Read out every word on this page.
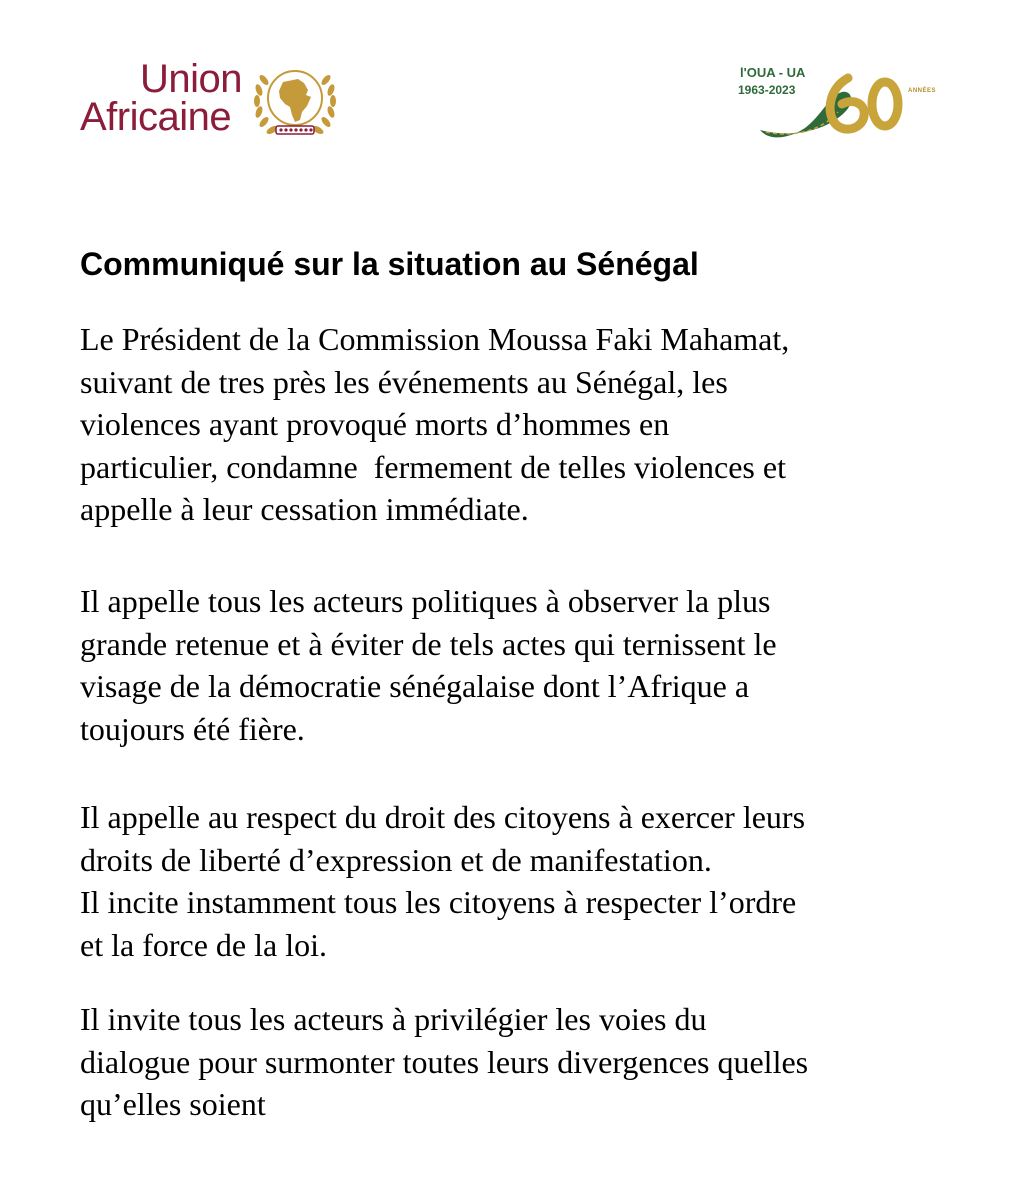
Union
Africaine
l'OUA - UA
1963-2023	ANNÉES
Communiqué sur la situation au Sénégal
Le Président de la Commission Moussa Faki Mahamat,
suivant de tres près les événements au Sénégal, les
violences ayant provoqué morts d’hommes en
particulier, condamne  fermement de telles violences et
appelle à leur cessation immédiate.
Il appelle tous les acteurs politiques à observer la plus
grande retenue et à éviter de tels actes qui ternissent le
visage de la démocratie sénégalaise dont l’Afrique a
toujours été fière.
Il appelle au respect du droit des citoyens à exercer leurs
droits de liberté d’expression et de manifestation.
Il incite instamment tous les citoyens à respecter l’ordre
et la force de la loi.
Il invite tous les acteurs à privilégier les voies du
dialogue pour surmonter toutes leurs divergences quelles
qu’elles soient
